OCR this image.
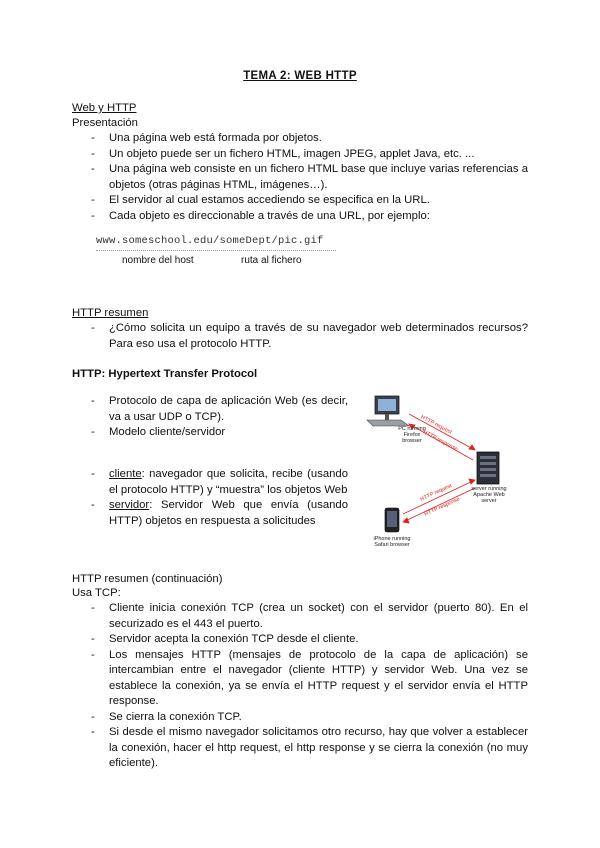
TEMA 2: WEB HTTP
Web y HTTP
Presentación
- Una página web está formada por objetos.
- Un objeto puede ser un fichero HTML, imagen JPEG, applet Java, etc. ...
- Una página web consiste en un fichero HTML base que incluye varias referencias a objetos (otras páginas HTML, imágenes…).
- El servidor al cual estamos accediendo se especifica en la URL.
- Cada objeto es direccionable a través de una URL, por ejemplo:
www.someschool.edu/someDept/pic.gif
nombre del host	ruta al fichero
HTTP resumen
- ¿Cómo solicita un equipo a través de su navegador web determinados recursos? Para eso usa el protocolo HTTP.
HTTP: Hypertext Transfer Protocol
- Protocolo de capa de aplicación Web (es decir, va a usar UDP o TCP).
- Modelo cliente/servidor
- cliente: navegador que solicita, recibe (usando el protocolo HTTP) y “muestra” los objetos Web
- servidor: Servidor Web que envía (usando HTTP) objetos en respuesta a solicitudes
PC running Firefox browser
server running Apache Web server
iPhone running Safari browser
HTTP request
HTTP response
HTTP request
HTTP response
HTTP resumen (continuación)
Usa TCP:
- Cliente inicia conexión TCP (crea un socket) con el servidor (puerto 80). En el securizado es el 443 el puerto.
- Servidor acepta la conexión TCP desde el cliente.
- Los mensajes HTTP (mensajes de protocolo de la capa de aplicación) se intercambian entre el navegador (cliente HTTP) y servidor Web. Una vez se establece la conexión, ya se envía el HTTP request y el servidor envía el HTTP response.
- Se cierra la conexión TCP.
- Si desde el mismo navegador solicitamos otro recurso, hay que volver a establecer la conexión, hacer el http request, el http response y se cierra la conexión (no muy eficiente).
